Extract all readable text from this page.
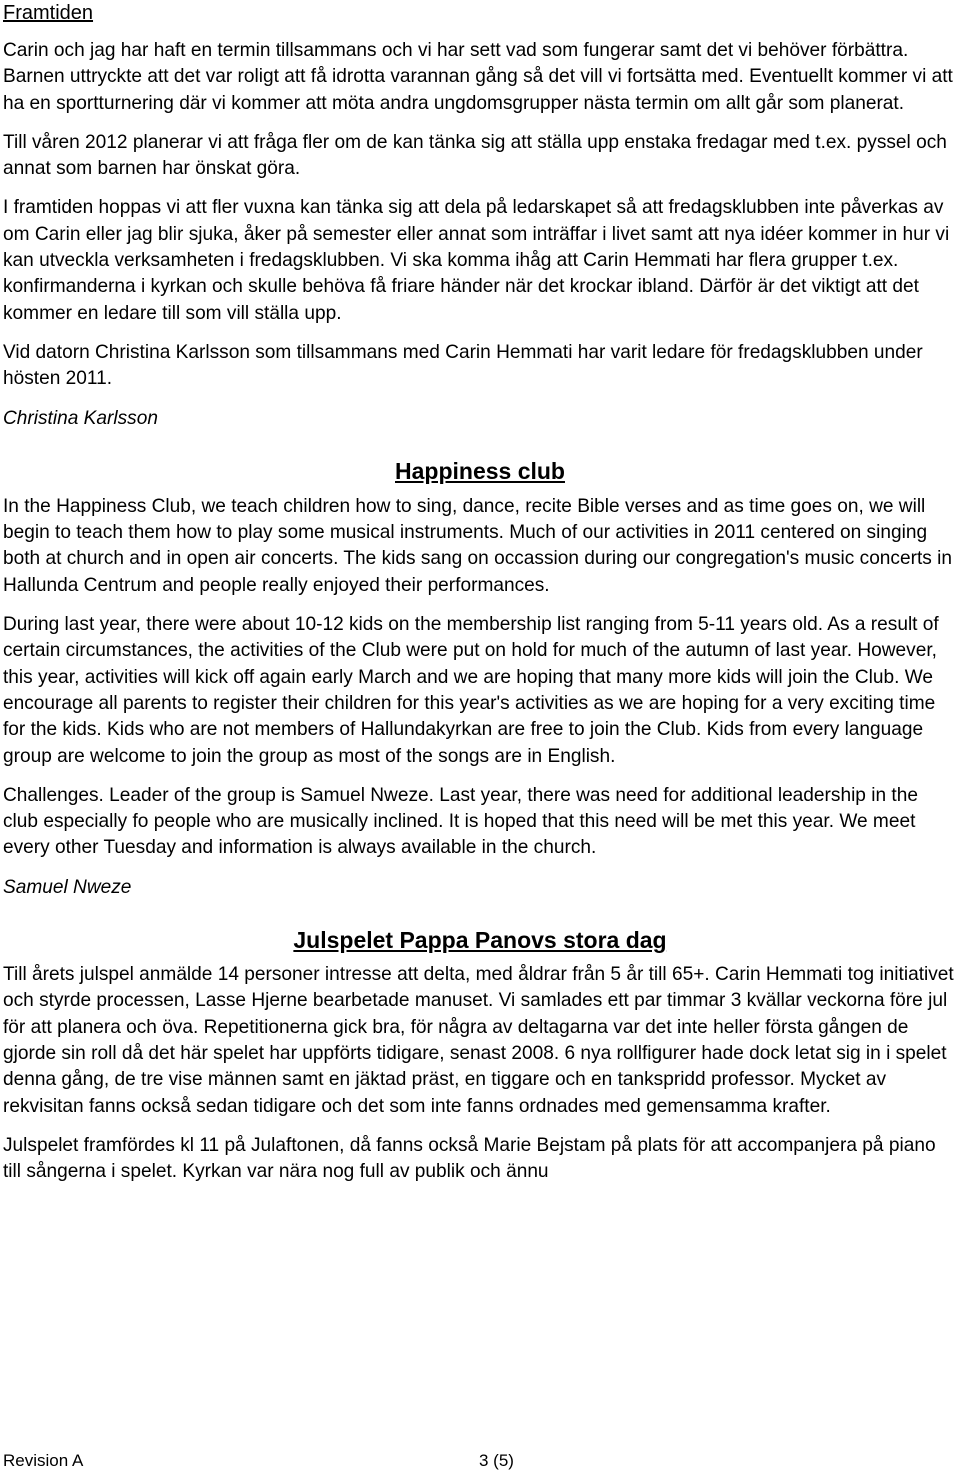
Framtiden

Carin och jag har haft en termin tillsammans och vi har sett vad som fungerar samt det vi behöver förbättra. Barnen uttryckte att det var roligt att få idrotta varannan gång så det vill vi fortsätta med. Eventuellt kommer vi att ha en sportturnering där vi kommer att möta andra ungdomsgrupper nästa termin om allt går som planerat.

Till våren 2012 planerar vi att fråga fler om de kan tänka sig att ställa upp enstaka fredagar med t.ex. pyssel och annat som barnen har önskat göra.

I framtiden hoppas vi att fler vuxna kan tänka sig att dela på ledarskapet så att fredagsklubben inte påverkas av om Carin eller jag blir sjuka, åker på semester eller annat som inträffar i livet samt att nya idéer kommer in hur vi kan utveckla verksamheten i fredagsklubben. Vi ska komma ihåg att Carin Hemmati har flera grupper t.ex. konfirmanderna i kyrkan och skulle behöva få friare händer när det krockar ibland. Därför är det viktigt att det kommer en ledare till som vill ställa upp.

Vid datorn Christina Karlsson som tillsammans med Carin Hemmati har varit ledare för fredagsklubben under hösten 2011.

Christina Karlsson

Happiness club

In the Happiness Club, we teach children how to sing, dance, recite Bible verses and as time goes on, we will begin to teach them how to play some musical instruments. Much of our activities in 2011 centered on singing both at church and in open air concerts. The kids sang on occassion during our congregation's music concerts in Hallunda Centrum and people really enjoyed their performances.

During last year, there were about 10-12 kids on the membership list ranging from 5-11 years old. As a result of certain circumstances, the activities of the Club were put on hold for much of the autumn of last year. However, this year, activities will kick off again early March and we are hoping that many more kids will join the Club. We encourage all parents to register their children for this year's activities as we are hoping for a very exciting time for the kids. Kids who are not members of Hallundakyrkan are free to join the Club. Kids from every language group are welcome to join the group as most of the songs are in English.

Challenges. Leader of the group is Samuel Nweze. Last year, there was need for additional leadership in the club especially fo people who are musically inclined. It is hoped that this need will be met this year. We meet every other Tuesday and information is always available in the church.

Samuel Nweze

Julspelet Pappa Panovs stora dag

Till årets julspel anmälde 14 personer intresse att delta, med åldrar från 5 år till 65+. Carin Hemmati tog initiativet och styrde processen, Lasse Hjerne bearbetade manuset. Vi samlades ett par timmar 3 kvällar veckorna före jul för att planera och öva. Repetitionerna gick bra, för några av deltagarna var det inte heller första gången de gjorde sin roll då det här spelet har uppförts tidigare, senast 2008. 6 nya rollfigurer hade dock letat sig in i spelet denna gång, de tre vise männen samt en jäktad präst, en tiggare och en tankspridd professor. Mycket av rekvisitan fanns också sedan tidigare och det som inte fanns ordnades med gemensamma krafter.

Julspelet framfördes kl 11 på Julaftonen, då fanns också Marie Bejstam på plats för att accompanjera på piano till sångerna i spelet. Kyrkan var nära nog full av publik och ännu

Revision A	3 (5)
